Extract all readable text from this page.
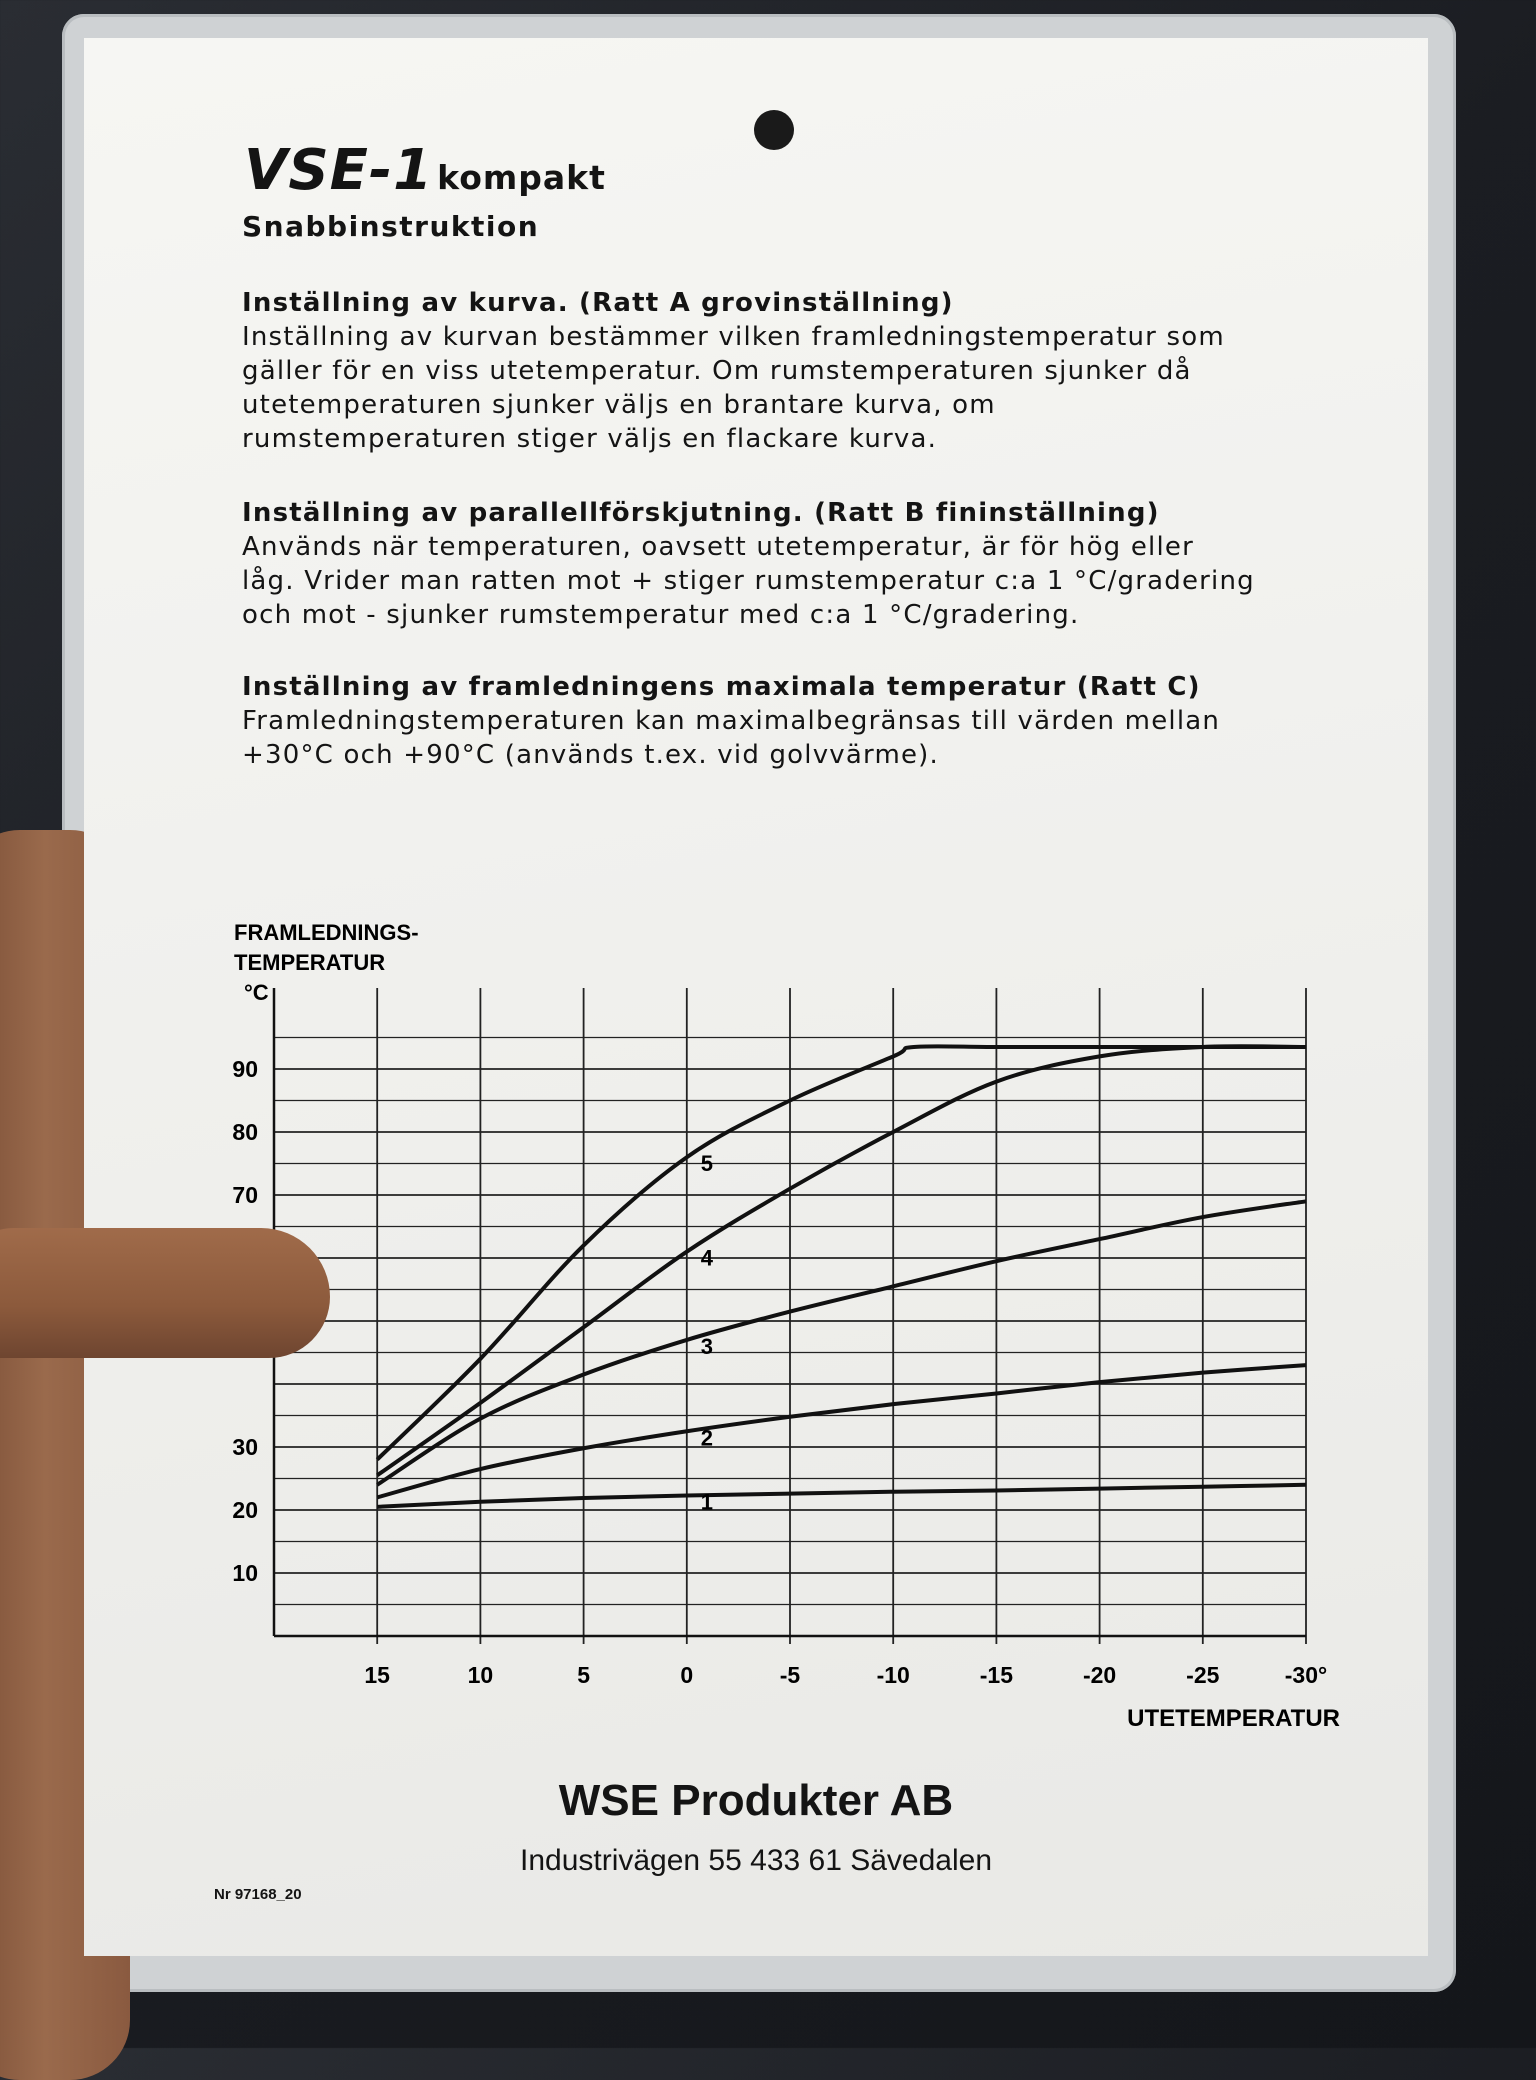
VSE-1 kompakt
Snabbinstruktion
Inställning av kurva. (Ratt A grovinställning)
Inställning av kurvan bestämmer vilken framledningstemperatur som
gäller för en viss utetemperatur. Om rumstemperaturen sjunker då
utetemperaturen sjunker väljs en brantare kurva, om
rumstemperaturen stiger väljs en flackare kurva.
Inställning av parallellförskjutning. (Ratt B fininställning)
Används när temperaturen, oavsett utetemperatur, är för hög eller
låg. Vrider man ratten mot + stiger rumstemperatur c:a 1 °C/gradering
och mot - sjunker rumstemperatur med c:a 1 °C/gradering.
Inställning av framledningens maximala temperatur (Ratt C)
Framledningstemperaturen kan maximalbegränsas till värden mellan
+30°C och +90°C (används t.ex. vid golvvärme).
15	10	5	0	-5	-10	-15	-20	-25	-30°
10
20
30
70
80
90
1
2
3
4
5
FRAMLEDNINGS-
TEMPERATUR
°C
UTETEMPERATUR
WSE Produkter AB
Industrivägen 55 433 61 Sävedalen
Nr 97168_20
